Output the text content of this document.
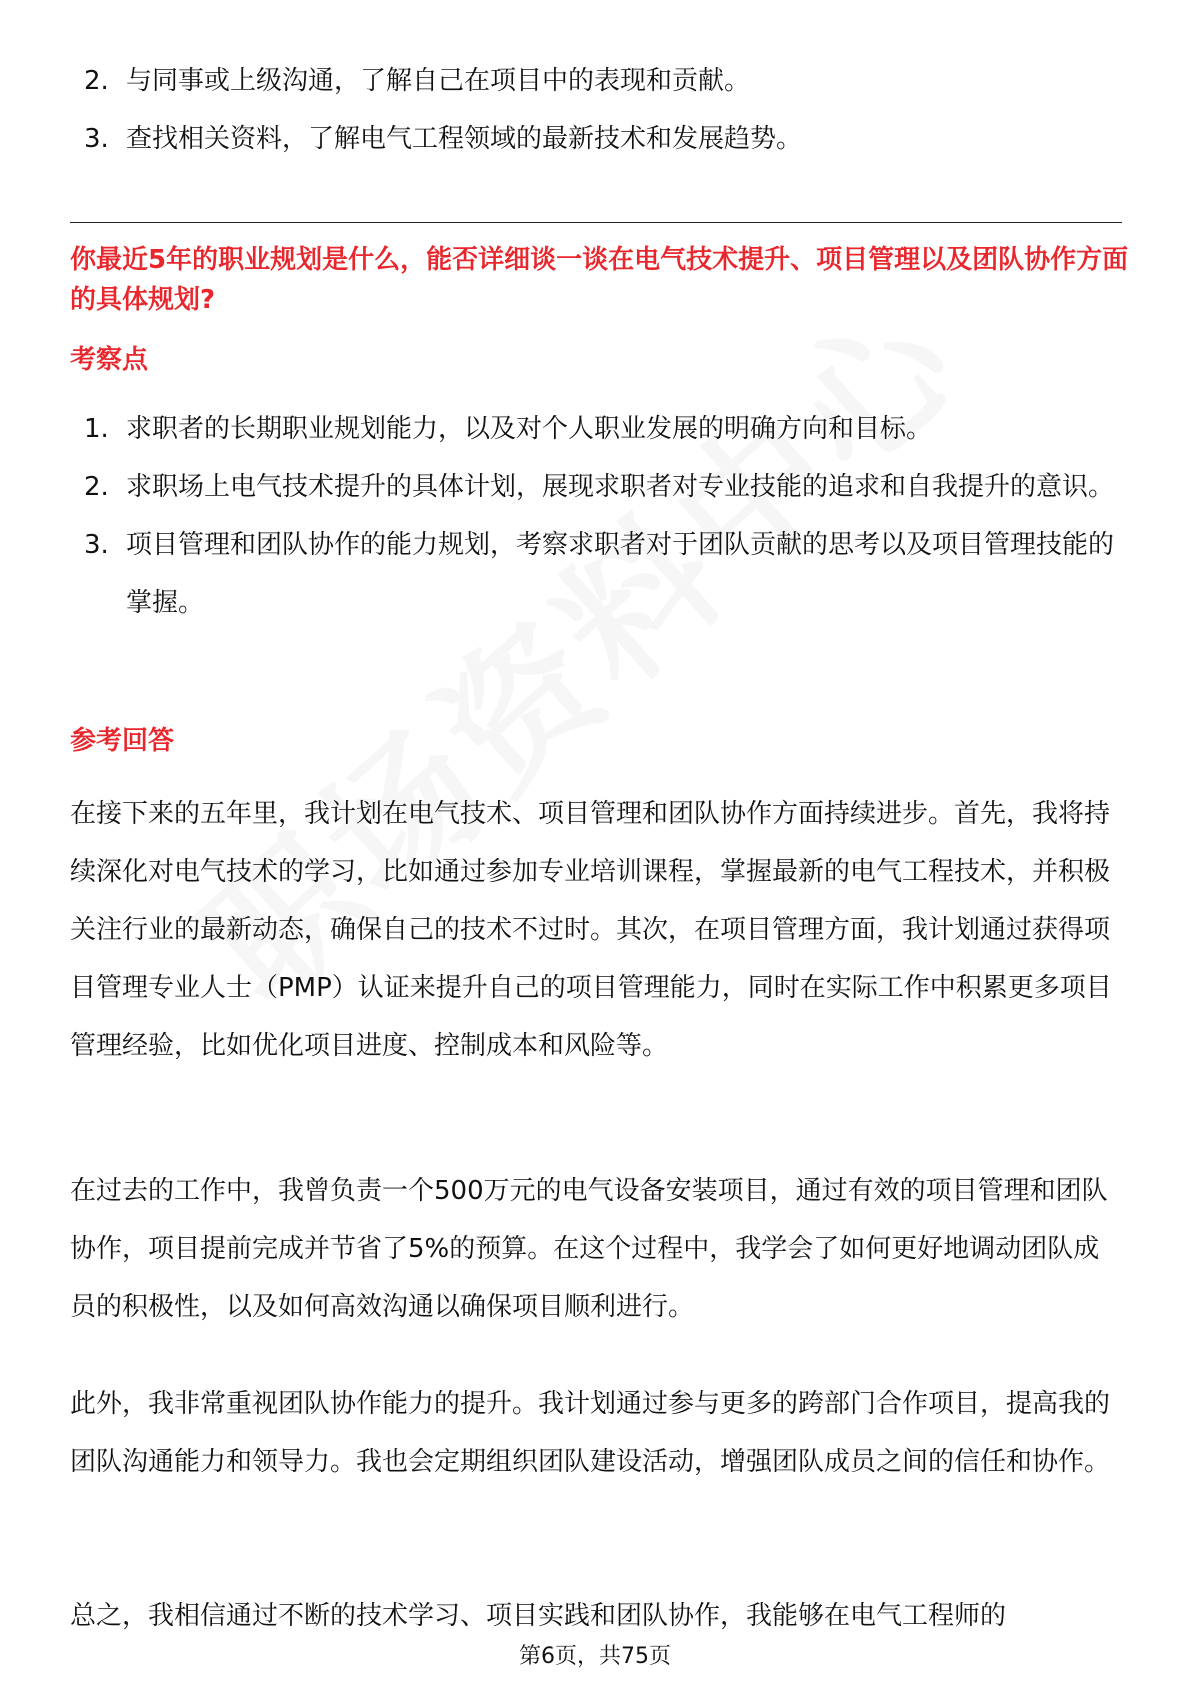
2. 与同事或上级沟通，了解自己在项目中的表现和贡献。
3. 查找相关资料，了解电气工程领域的最新技术和发展趋势。
你最近5年的职业规划是什么，能否详细谈一谈在电气技术提升、项目管理以及团队协作方面的具体规划?
考察点
1. 求职者的长期职业规划能力，以及对个人职业发展的明确方向和目标。
2. 求职场上电气技术提升的具体计划，展现求职者对专业技能的追求和自我提升的意识。
3. 项目管理和团队协作的能力规划，考察求职者对于团队贡献的思考以及项目管理技能的掌握。
参考回答

在接下来的五年里，我计划在电气技术、项目管理和团队协作方面持续进步。首先，我将持续深化对电气技术的学习，比如通过参加专业培训课程，掌握最新的电气工程技术，并积极关注行业的最新动态，确保自己的技术不过时。其次，在项目管理方面，我计划通过获得项目管理专业人士（PMP）认证来提升自己的项目管理能力，同时在实际工作中积累更多项目管理经验，比如优化项目进度、控制成本和风险等。

在过去的工作中，我曾负责一个500万元的电气设备安装项目，通过有效的项目管理和团队协作，项目提前完成并节省了5%的预算。在这个过程中，我学会了如何更好地调动团队成员的积极性，以及如何高效沟通以确保项目顺利进行。

此外，我非常重视团队协作能力的提升。我计划通过参与更多的跨部门合作项目，提高我的团队沟通能力和领导力。我也会定期组织团队建设活动，增强团队成员之间的信任和协作。

总之，我相信通过不断的技术学习、项目实践和团队协作，我能够在电气工程师的

第6页，共75页
